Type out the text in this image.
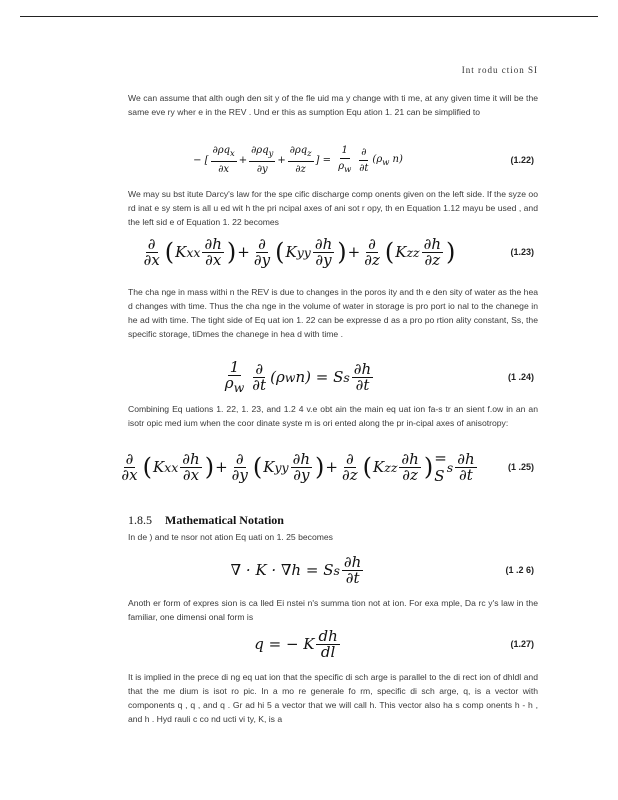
Int rodu ction SI
We can assume that alth ough den sit y of the fle uid ma y change with ti me, at any given time it will be the same eve ry wher e in the REV . Und er this as sumption Equ ation 1. 21 can be simplified to
− [ $\frac{\partial\rho q_x}{\partial x} + \frac{\partial\rho q_y}{\partial y} + \frac{\partial\rho q_z}{\partial z}$ ] = $\frac{1}{\rho_w} \frac{\partial}{\partial t} (\rho_w$ n)	(1.22)
We may su bst itute Darcy's law for the spe cific discharge comp onents given on the left side. If the syze oo rd inat e sy stem is all u ed wit h the pri ncipal axes of ani sot r opy, th en Equation 1.12 mayu be used , and the left sid e of Equation 1. 22 becomes
$\frac{\partial}{\partial x}$ ( K xx $\frac{\partial h}{\partial x}$ ) + $\frac{\partial}{\partial y}$ ( K yy $\frac{\partial h}{\partial y}$ ) + $\frac{\partial}{\partial z}$ ( K zz $\frac{\partial h}{\partial z}$ )	(1.23)
The cha nge in mass withi n the REV is due to changes in the poros ity and th e den sity of water as the hea d changes with time. Thus the cha nge in the volume of water in storage is pro port io nal to the chanege in he ad with time. The tight side of Eq uat ion 1. 22 can be expresse d as a pro po rtion ality constant, Ss, the specific storage, tiDmes the chanege in hea d with time .
$\frac{1}{\rho_w} \frac{\partial}{\partial t} (\rho$ w n) = S s $\frac{\partial h}{\partial t}$	(1 .24)
Combining Eq uations 1. 22, 1. 23, and 1.2 4 v.e obt ain the main eq uat ion fa-s tr an sient f.ow in an an isotr opic med ium when the coor dinate syste m is ori ented along the pr in-cipal axes of anisotropy:
$\frac{\partial}{\partial x}$ ( K xx $\frac{\partial h}{\partial x}$ ) + $\frac{\partial}{\partial y}$ ( K yy $\frac{\partial h}{\partial y}$ ) + $\frac{\partial}{\partial z}$ ( K zz $\frac{\partial h}{\partial z}$ ) = S s $\frac{\partial h}{\partial t}$	(1 .25)
1.8.5 Mathematical Notation
In de ) and te nsor not ation Eq uati on 1. 25 becomes
∇ · K · ∇h = S s $\frac{\partial h}{\partial t}$	(1 .2 6)
Anoth er form of expres sion is ca lled Ei nstei n's summa tion not at ion. For exa mple, Da rc y's law in the familiar, one dimensi onal form is
q = − K $\frac{dh}{dl}$	(1.27)
It is implied in the prece di ng eq uat ion that the specific di sch arge is parallel to the di rect ion of dhldl and that the me dium is isot ro pic. In a mo re generale fo rm, specific di sch arge, q, is a vector with components q , q , and q . Gr ad hi 5 a vector that we will call h. This vector also ha s comp onents h - h , and h . Hyd rauli c co nd ucti vi ty, K, is a
